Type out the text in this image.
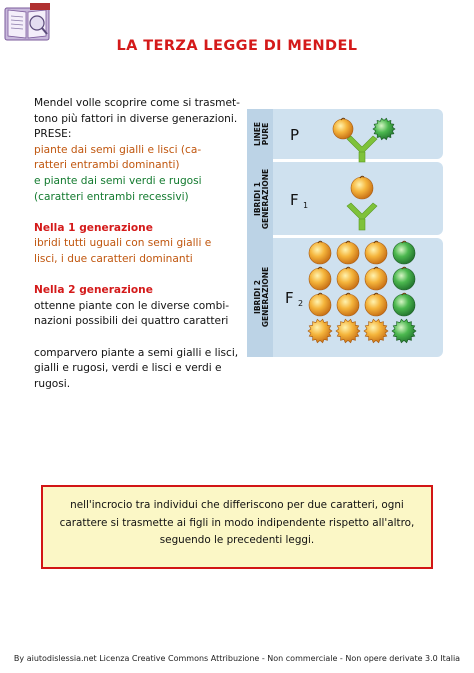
LA TERZA LEGGE DI MENDEL

Mendel volle scoprire come si trasmet-

tono più fattori in diverse generazioni.

PRESE:

piante dai semi gialli e lisci (ca-

ratteri entrambi dominanti)

e piante dai semi verdi e rugosi

(caratteri entrambi recessivi)

Nella 1 generazione

ibridi tutti uguali con semi gialli e

lisci, i due caratteri dominanti

Nella 2 generazione

ottenne piante con le diverse combi-

nazioni possibili dei quattro caratteri

comparvero piante a semi gialli e lisci,

gialli e rugosi, verdi e lisci e verdi e

rugosi.

LINEE PURE
IBRIDI 1 GENERAZIONE
IBRIDI 2 GENERAZIONE
P
F 1
F 2
nell'incrocio tra individui che differiscono per due caratteri, ogni
carattere si trasmette ai figli in modo indipendente rispetto all'altro,
seguendo le precedenti leggi.
By aiutodislessia.net Licenza Creative Commons Attribuzione - Non commerciale - Non opere derivate 3.0 Italia
